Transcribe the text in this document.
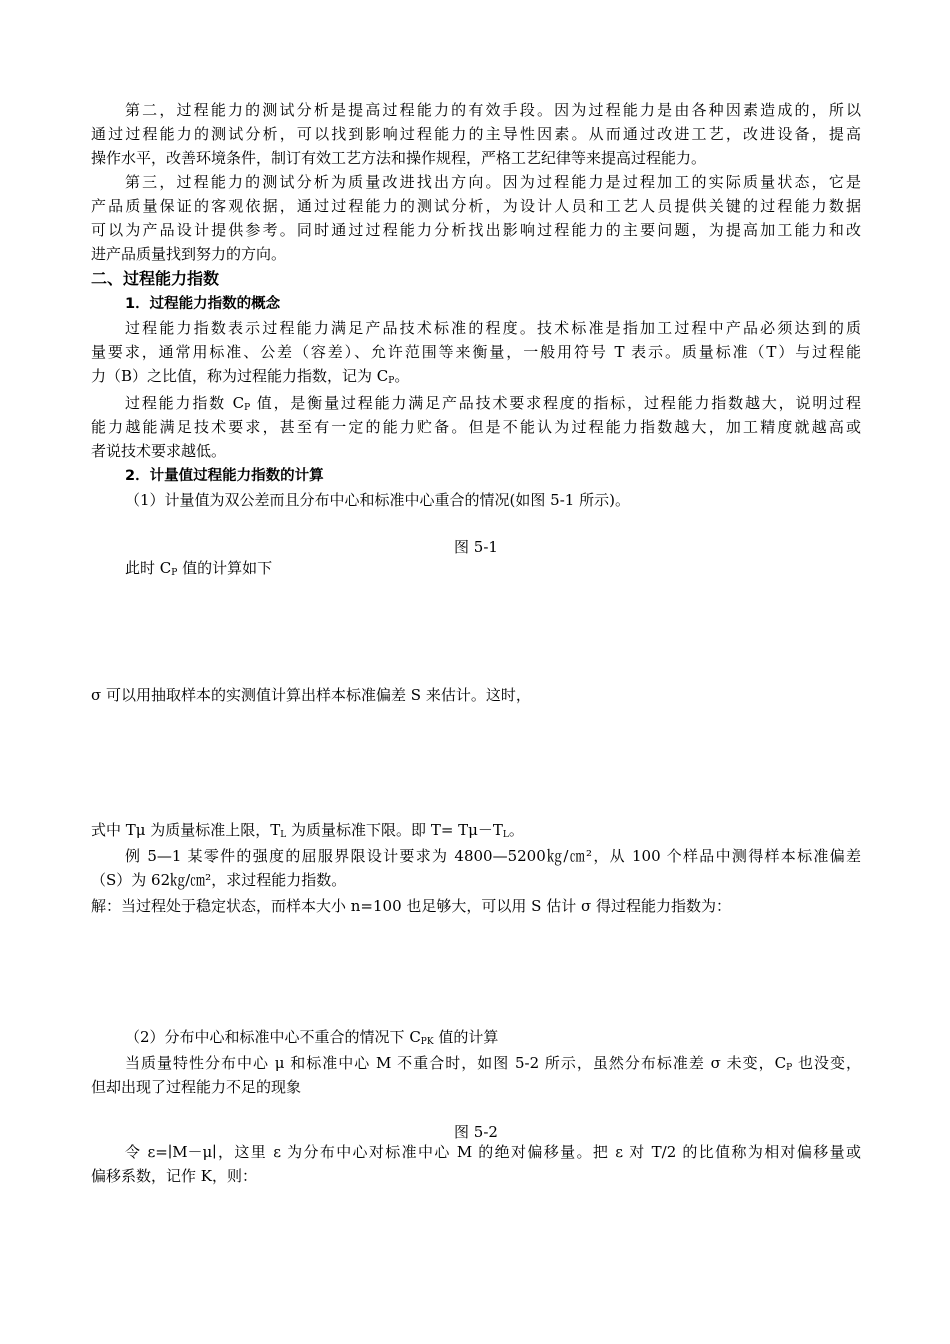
第二，过程能力的测试分析是提高过程能力的有效手段。因为过程能力是由各种因素造成的，所以
通过过程能力的测试分析，可以找到影响过程能力的主导性因素。从而通过改进工艺，改进设备，提高
操作水平，改善环境条件，制订有效工艺方法和操作规程，严格工艺纪律等来提高过程能力。
第三，过程能力的测试分析为质量改进找出方向。因为过程能力是过程加工的实际质量状态，它是
产品质量保证的客观依据，通过过程能力的测试分析，为设计人员和工艺人员提供关键的过程能力数据
可以为产品设计提供参考。同时通过过程能力分析找出影响过程能力的主要问题，为提高加工能力和改
进产品质量找到努力的方向。
二、过程能力指数
1．过程能力指数的概念
过程能力指数表示过程能力满足产品技术标准的程度。技术标准是指加工过程中产品必须达到的质
量要求，通常用标准、公差（容差）、允许范围等来衡量，一般用符号 T 表示。质量标准（T）与过程能
力（B）之比值，称为过程能力指数，记为 $C_P$。
过程能力指数 $C_P$ 值，是衡量过程能力满足产品技术要求程度的指标，过程能力指数越大，说明过程
能力越能满足技术要求，甚至有一定的能力贮备。但是不能认为过程能力指数越大，加工精度就越高或
者说技术要求越低。
2．计量值过程能力指数的计算
（1）计量值为双公差而且分布中心和标准中心重合的情况(如图 5-1 所示)。
图 5-1
此时 $C_P$ 值的计算如下
σ 可以用抽取样本的实测值计算出样本标准偏差 S 来估计。这时，
式中 Tμ 为质量标准上限，$T_L$ 为质量标准下限。即 $T= T\mu-T_L$。
例 5—1 某零件的强度的屈服界限设计要求为 4800—5200㎏/㎝²，从 100 个样品中测得样本标准偏差
（S）为 62㎏/㎝²，求过程能力指数。
解：当过程处于稳定状态，而样本大小 n=100 也足够大，可以用 S 估计 σ 得过程能力指数为：
（2）分布中心和标准中心不重合的情况下 $C_{PK}$ 值的计算
当质量特性分布中心 μ 和标准中心 M 不重合时，如图 5-2 所示，虽然分布标准差 σ 未变，$C_P$ 也没变，
但却出现了过程能力不足的现象
图 5-2
令 ε=∣M－μ∣，这里 ε 为分布中心对标准中心 M 的绝对偏移量。把 ε 对 T/2 的比值称为相对偏移量或
偏移系数，记作 K，则：
